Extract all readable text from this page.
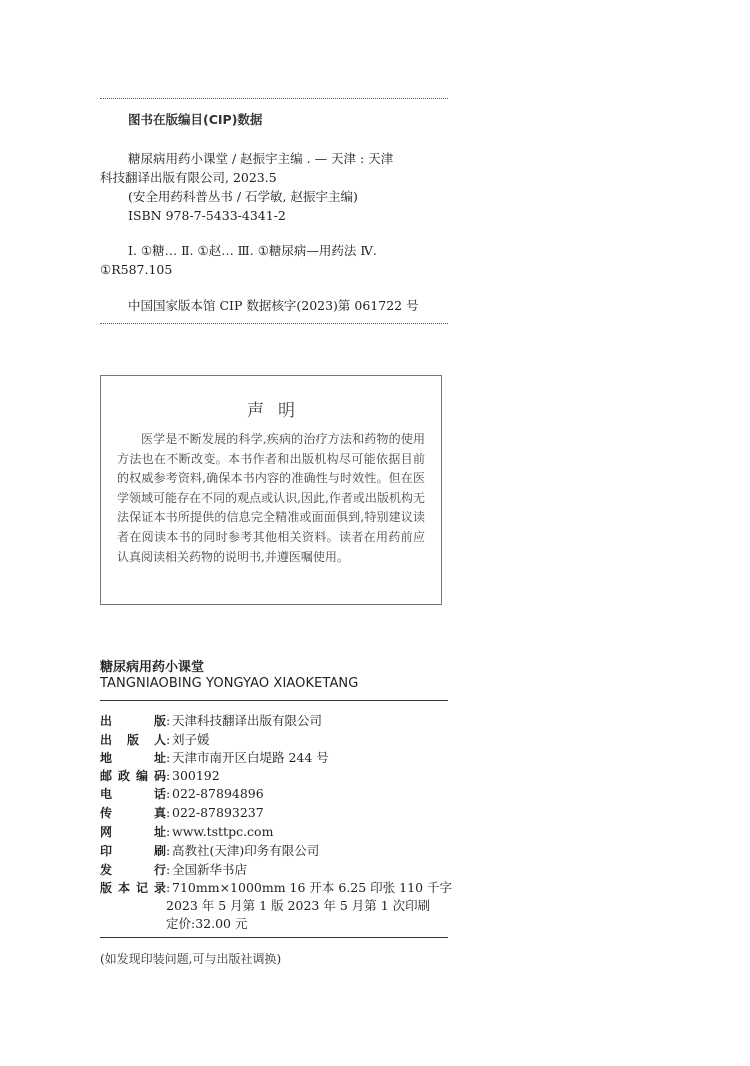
图书在版编目(CIP)数据
糖尿病用药小课堂 / 赵振宇主编 . — 天津 : 天津
科技翻译出版有限公司, 2023.5
(安全用药科普丛书 / 石学敏, 赵振宇主编)
ISBN 978-7-5433-4341-2
Ⅰ. ①糖… Ⅱ. ①赵… Ⅲ. ①糖尿病—用药法 Ⅳ.
①R587.105
中国国家版本馆 CIP 数据核字(2023)第 061722 号
声明

医学是不断发展的科学,疾病的治疗方法和药物的使用方法也在不断改变。本书作者和出版机构尽可能依据目前的权威参考资料,确保本书内容的准确性与时效性。但在医学领域可能存在不同的观点或认识,因此,作者或出版机构无法保证本书所提供的信息完全精准或面面俱到,特别建议读者在阅读本书的同时参考其他相关资料。读者在用药前应认真阅读相关药物的说明书,并遵医嘱使用。

糖尿病用药小课堂
TANGNIAOBING YONGYAO XIAOKETANG
出版: 天津科技翻译出版有限公司
出版人: 刘子媛
地址: 天津市南开区白堤路 244 号
邮政编码: 300192
电话: 022-87894896
传真: 022-87893237
网址: www.tsttpc.com
印刷: 高教社(天津)印务有限公司
发行: 全国新华书店
版本记录: 710mm×1000mm 16 开本 6.25 印张 110 千字
2023 年 5 月第 1 版 2023 年 5 月第 1 次印刷
定价:32.00 元
(如发现印装问题,可与出版社调换)
